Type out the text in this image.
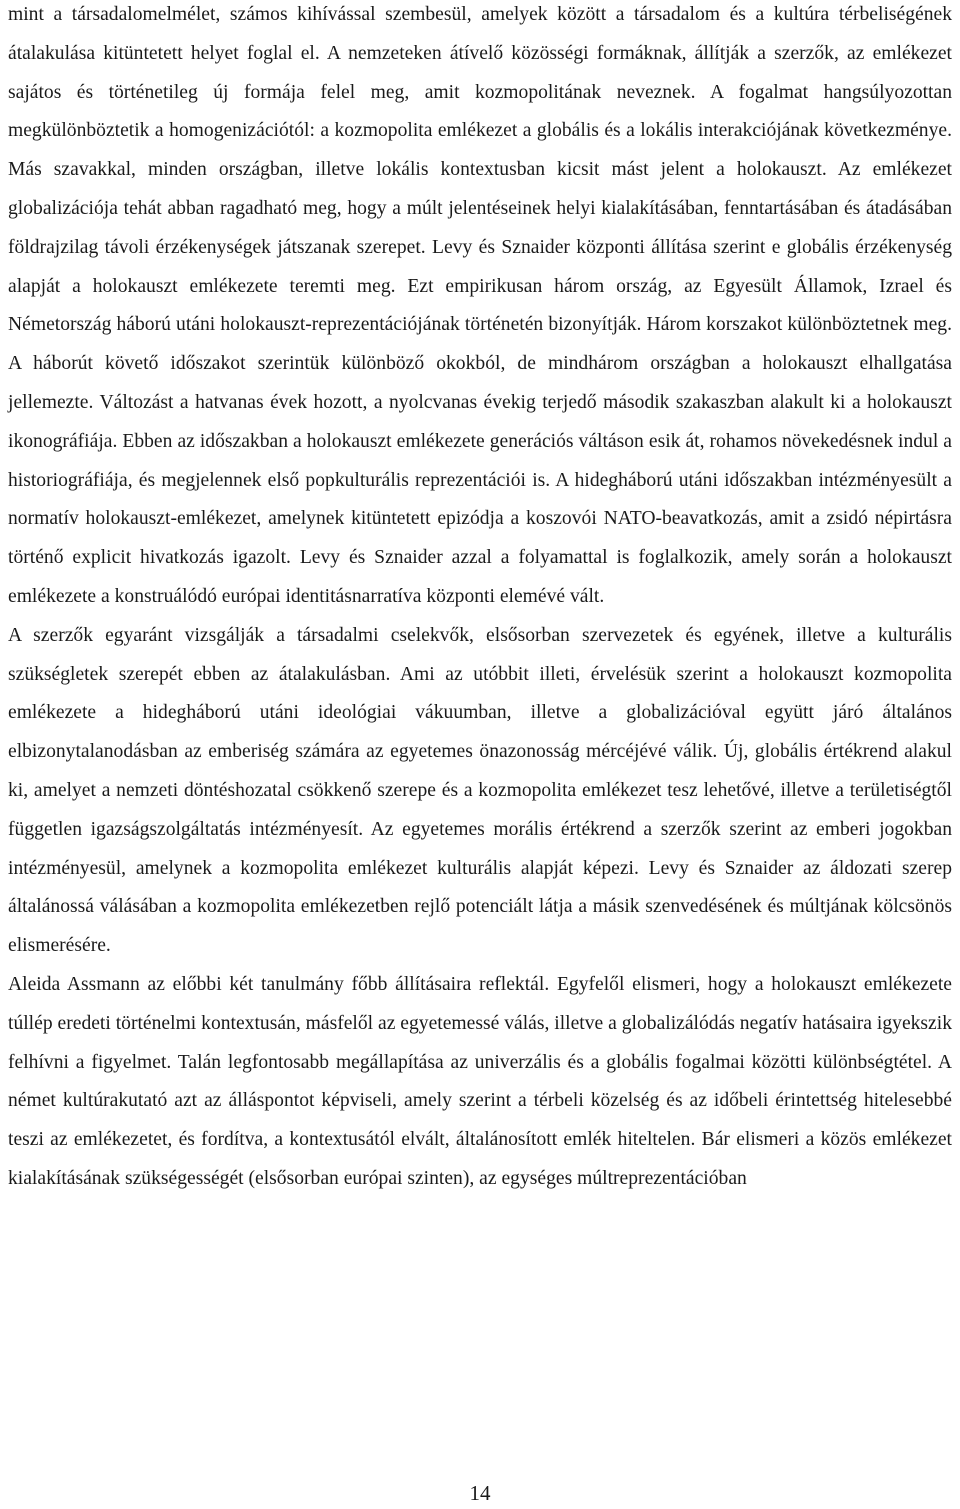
mint a társadalomelmélet, számos kihívással szembesül, amelyek között a társadalom és a kultúra térbeliségének átalakulása kitüntetett helyet foglal el. A nemzeteken átívelő közösségi formáknak, állítják a szerzők, az emlékezet sajátos és történetileg új formája felel meg, amit kozmopolitának neveznek. A fogalmat hangsúlyozottan megkülönböztetik a homogenizációtól: a kozmopolita emlékezet a globális és a lokális interakciójának következménye. Más szavakkal, minden országban, illetve lokális kontextusban kicsit mást jelent a holokauszt. Az emlékezet globalizációja tehát abban ragadható meg, hogy a múlt jelentéseinek helyi kialakításában, fenntartásában és átadásában földrajzilag távoli érzékenységek játszanak szerepet. Levy és Sznaider központi állítása szerint e globális érzékenység alapját a holokauszt emlékezete teremti meg. Ezt empirikusan három ország, az Egyesült Államok, Izrael és Németország háború utáni holokauszt-reprezentációjának történetén bizonyítják. Három korszakot különböztetnek meg. A háborút követő időszakot szerintük különböző okokból, de mindhárom országban a holokauszt elhallgatása jellemezte. Változást a hatvanas évek hozott, a nyolcvanas évekig terjedő második szakaszban alakult ki a holokauszt ikonográfiája. Ebben az időszakban a holokauszt emlékezete generációs váltáson esik át, rohamos növekedésnek indul a historiográfiája, és megjelennek első popkulturális reprezentációi is. A hidegháború utáni időszakban intézményesült a normatív holokauszt-emlékezet, amelynek kitüntetett epizódja a koszovói NATO-beavatkozás, amit a zsidó népirtásra történő explicit hivatkozás igazolt. Levy és Sznaider azzal a folyamattal is foglalkozik, amely során a holokauszt emlékezete a konstruálódó európai identitásnarratíva központi elemévé vált.

A szerzők egyaránt vizsgálják a társadalmi cselekvők, elsősorban szervezetek és egyének, illetve a kulturális szükségletek szerepét ebben az átalakulásban. Ami az utóbbit illeti, érvelésük szerint a holokauszt kozmopolita emlékezete a hidegháború utáni ideológiai vákuumban, illetve a globalizációval együtt járó általános elbizonytalanodásban az emberiség számára az egyetemes önazonosság mércéjévé válik. Új, globális értékrend alakul ki, amelyet a nemzeti döntéshozatal csökkenő szerepe és a kozmopolita emlékezet tesz lehetővé, illetve a területiségtől független igazságszolgáltatás intézményesít. Az egyetemes morális értékrend a szerzők szerint az emberi jogokban intézményesül, amelynek a kozmopolita emlékezet kulturális alapját képezi. Levy és Sznaider az áldozati szerep általánossá válásában a kozmopolita emlékezetben rejlő potenciált látja a másik szenvedésének és múltjának kölcsönös elismerésére.

Aleida Assmann az előbbi két tanulmány főbb állításaira reflektál. Egyfelől elismeri, hogy a holokauszt emlékezete túllép eredeti történelmi kontextusán, másfelől az egyetemessé válás, illetve a globalizálódás negatív hatásaira igyekszik felhívni a figyelmet. Talán legfontosabb megállapítása az univerzális és a globális fogalmai közötti különbségtétel. A német kultúrakutató azt az álláspontot képviseli, amely szerint a térbeli közelség és az időbeli érintettség hitelesebbé teszi az emlékezetet, és fordítva, a kontextusától elvált, általánosított emlék hiteltelen. Bár elismeri a közös emlékezet kialakításának szükségességét (elsősorban európai szinten), az egységes múltreprezentációban

14
